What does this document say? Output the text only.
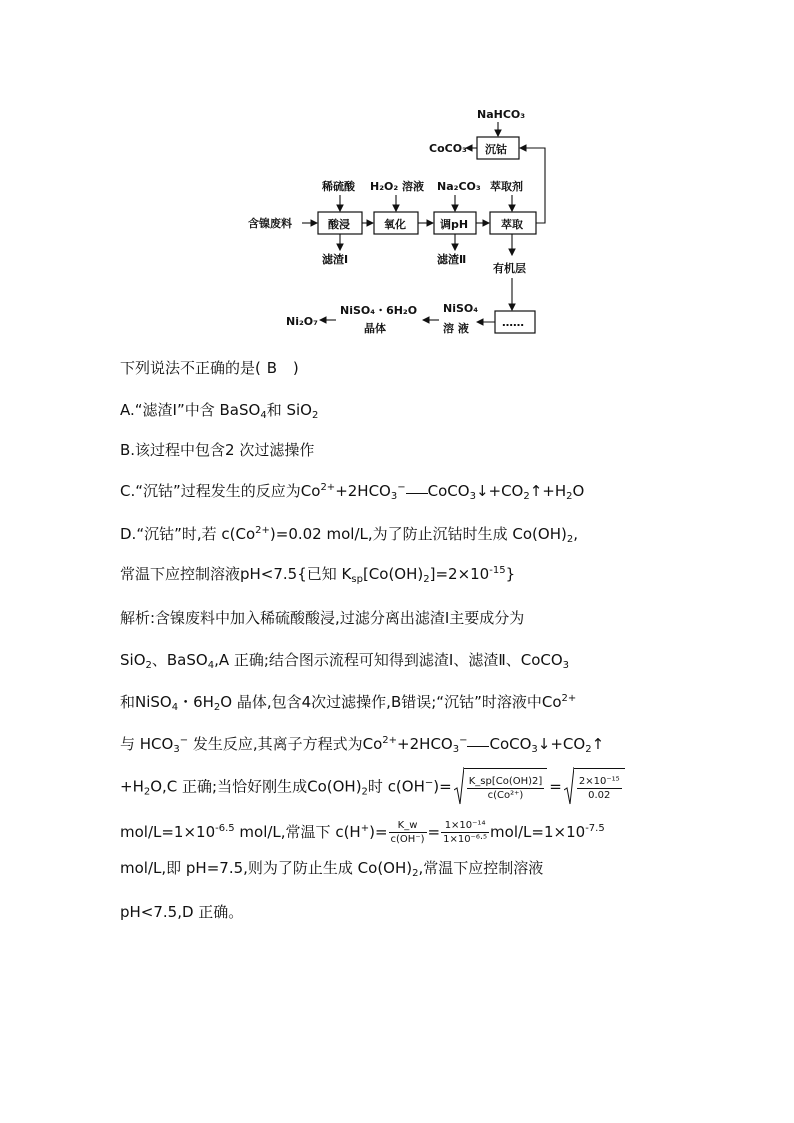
NaHCO₃
沉钴
CoCO₃
稀硫酸 H₂O₂ 溶液 Na₂CO₃ 萃取剂
含镍废料	酸浸	氧化	调pH	萃取
滤渣Ⅰ	滤渣Ⅱ
有机层
……
NiSO₄
溶 液
NiSO₄・6H₂O
晶体
Ni₂O₇
下列说法不正确的是( B )
A.“滤渣Ⅰ”中含 BaSO$_4$和 SiO$_2$
B.该过程中包含2 次过滤操作
C.“沉钴”过程发生的反应为$Co^{2+}+2HCO_3^-$ $CoCO_3↓+CO_2↑+H_2O$
D.“沉钴”时,若 $c(Co^{2+})=0.02$ mol/L,为了防止沉钴时生成 $Co(OH)_2$,
常温下应控制溶液pH<7.5{已知 $K_{sp}[Co(OH)_2]=2\times 10^{-15}$}
解析:含镍废料中加入稀硫酸酸浸,过滤分离出滤渣Ⅰ主要成分为
SiO$_2$、BaSO$_4$,A 正确;结合图示流程可知得到滤渣Ⅰ、滤渣Ⅱ、CoCO$_3$
和NiSO$_4$・$6H_2O$ 晶体,包含4次过滤操作,B错误;“沉钴”时溶液中$Co^{2+}$
与 $HCO_3^-$ 发生反应,其离子方程式为$Co^{2+}+2HCO_3^-$ $CoCO_3↓+CO_2↑$
$+H_2O,C$ 正确;当恰好刚生成$Co(OH)_2$时 $c(OH^-)= \frac{K\_sp[Co(OH)2]}{\text{c(Co²⁺)}} = \frac{\text{2×10⁻¹⁵}}{0.02}$
mol/$L=1\times 10^{-6.5}$ mol/L,常温下 $c(H^+)= \frac{K\_w}{c(OH^-)} = \frac{\text{1×10⁻¹⁴}}{\text{1×10⁻⁶·⁵}} mol/L=1\times 10^{-7.5}$
mol/L,即 pH=7.5,则为了防止生成 $Co(OH)_2$,常温下应控制溶液
pH<7.5,D 正确。
